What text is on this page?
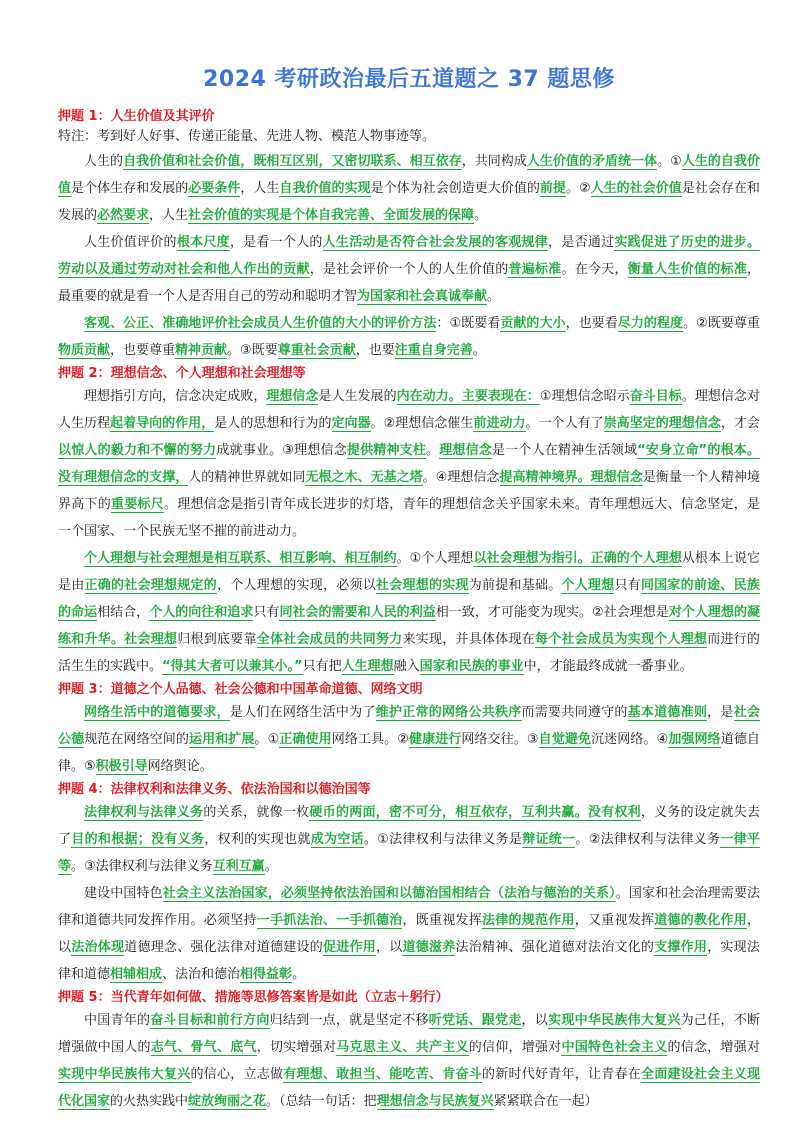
2024 考研政治最后五道题之 37 题思修
押题 1：人生价值及其评价
特注：考到好人好事、传递正能量、先进人物、模范人物事迹等。

人生的自我价值和社会价值，既相互区别，又密切联系、相互依存，共同构成人生价值的矛盾统一体。①人生的自我价值是个体生存和发展的必要条件，人生自我价值的实现是个体为社会创造更大价值的前提。②人生的社会价值是社会存在和发展的必然要求，人生社会价值的实现是个体自我完善、全面发展的保障。

人生价值评价的根本尺度，是看一个人的人生活动是否符合社会发展的客观规律，是否通过实践促进了历史的进步。劳动以及通过劳动对社会和他人作出的贡献，是社会评价一个人的人生价值的普遍标准。在今天，衡量人生价值的标准，最重要的就是看一个人是否用自己的劳动和聪明才智为国家和社会真诚奉献。

客观、公正、准确地评价社会成员人生价值的大小的评价方法：①既要看贡献的大小，也要看尽力的程度。②既要尊重物质贡献，也要尊重精神贡献。③既要尊重社会贡献，也要注重自身完善。

押题 2：理想信念、个人理想和社会理想等

理想指引方向，信念决定成败，理想信念是人生发展的内在动力。主要表现在：①理想信念昭示奋斗目标。理想信念对人生历程起着导向的作用，是人的思想和行为的定向器。②理想信念催生前进动力。一个人有了崇高坚定的理想信念，才会以惊人的毅力和不懈的努力成就事业。③理想信念提供精神支柱。理想信念是一个人在精神生活领域“安身立命”的根本。没有理想信念的支撑，人的精神世界就如同无根之木、无基之塔。④理想信念提高精神境界。理想信念是衡量一个人精神境界高下的重要标尺。理想信念是指引青年成长进步的灯塔，青年的理想信念关乎国家未来。青年理想远大、信念坚定，是一个国家、一个民族无坚不摧的前进动力。

个人理想与社会理想是相互联系、相互影响、相互制约。①个人理想以社会理想为指引。正确的个人理想从根本上说它是由正确的社会理想规定的，个人理想的实现，必须以社会理想的实现为前提和基础。个人理想只有同国家的前途、民族的命运相结合，个人的向往和追求只有同社会的需要和人民的利益相一致，才可能变为现实。②社会理想是对个人理想的凝练和升华。社会理想归根到底要靠全体社会成员的共同努力来实现，并具体体现在每个社会成员为实现个人理想而进行的活生生的实践中。“得其大者可以兼其小。”只有把人生理想融入国家和民族的事业中，才能最终成就一番事业。

押题 3：道德之个人品德、社会公德和中国革命道德、网络文明

网络生活中的道德要求，是人们在网络生活中为了维护正常的网络公共秩序而需要共同遵守的基本道德准则，是社会公德规范在网络空间的运用和扩展。①正确使用网络工具。②健康进行网络交往。③自觉避免沉迷网络。④加强网络道德自律。⑤积极引导网络舆论。

押题 4：法律权利和法律义务、依法治国和以德治国等

法律权利与法律义务的关系，就像一枚硬币的两面，密不可分，相互依存，互利共赢。没有权利，义务的设定就失去了目的和根据；没有义务，权利的实现也就成为空话。①法律权利与法律义务是辩证统一。②法律权利与法律义务一律平等。③法律权利与法律义务互利互赢。

建设中国特色社会主义法治国家，必须坚持依法治国和以德治国相结合（法治与德治的关系）。国家和社会治理需要法律和道德共同发挥作用。必须坚持一手抓法治、一手抓德治，既重视发挥法律的规范作用，又重视发挥道德的教化作用，以法治体现道德理念、强化法律对道德建设的促进作用，以道德滋养法治精神、强化道德对法治文化的支撑作用，实现法律和道德相辅相成、法治和德治相得益彰。

押题 5：当代青年如何做、措施等思修答案皆是如此（立志＋躬行）

中国青年的奋斗目标和前行方向归结到一点，就是坚定不移听党话、跟党走，以实现中华民族伟大复兴为己任，不断增强做中国人的志气、骨气、底气，切实增强对马克思主义、共产主义的信仰，增强对中国特色社会主义的信念，增强对实现中华民族伟大复兴的信心，立志做有理想、敢担当、能吃苦、肯奋斗的新时代好青年，让青春在全面建设社会主义现代化国家的火热实践中绽放绚丽之花。（总结一句话：把理想信念与民族复兴紧紧联合在一起）
